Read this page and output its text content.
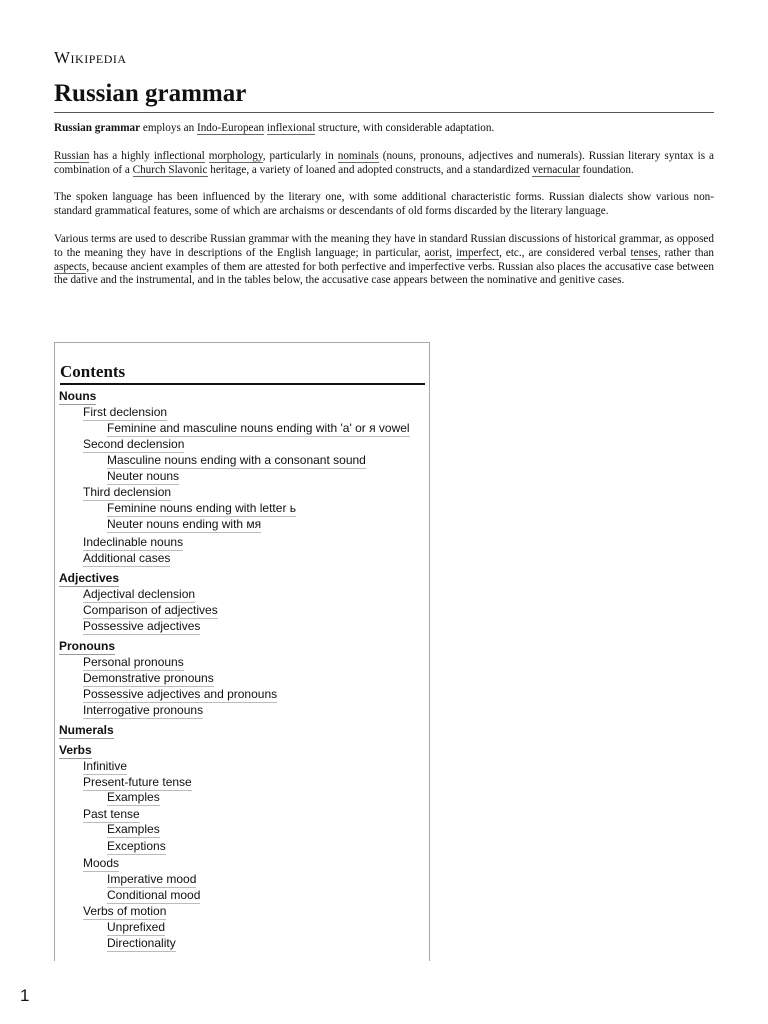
Wikipedia
Russian grammar

Russian grammar employs an Indo-European inflexional structure, with considerable adaptation.

Russian has a highly inflectional morphology, particularly in nominals (nouns, pronouns, adjectives and numerals). Russian literary syntax is a combination of a Church Slavonic heritage, a variety of loaned and adopted constructs, and a standardized vernacular foundation.

The spoken language has been influenced by the literary one, with some additional characteristic forms. Russian dialects show various non-standard grammatical features, some of which are archaisms or descendants of old forms discarded by the literary language.

Various terms are used to describe Russian grammar with the meaning they have in standard Russian discussions of historical grammar, as opposed to the meaning they have in descriptions of the English language; in particular, aorist, imperfect, etc., are considered verbal tenses, rather than aspects, because ancient examples of them are attested for both perfective and imperfective verbs. Russian also places the accusative case between the dative and the instrumental, and in the tables below, the accusative case appears between the nominative and genitive cases.

Contents
Nouns
First declension
Feminine and masculine nouns ending with 'a' or я vowel
Second declension
Masculine nouns ending with a consonant sound
Neuter nouns
Third declension
Feminine nouns ending with letter ь
Neuter nouns ending with мя
Indeclinable nouns
Additional cases
Adjectives
Adjectival declension
Comparison of adjectives
Possessive adjectives
Pronouns
Personal pronouns
Demonstrative pronouns
Possessive adjectives and pronouns
Interrogative pronouns
Numerals
Verbs
Infinitive
Present-future tense
Examples
Past tense
Examples
Exceptions
Moods
Imperative mood
Conditional mood
Verbs of motion
Unprefixed
Directionality
1
